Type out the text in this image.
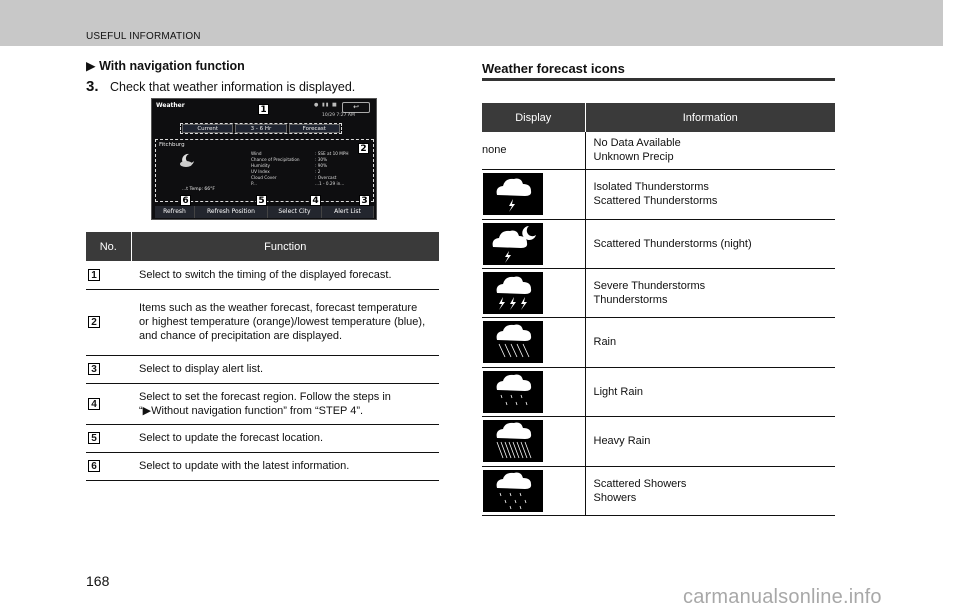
USEFUL INFORMATION
▶ With navigation function
3. Check that weather information is displayed.
Weather	● ▮▮ ■	↩
10/29 7:27 AM
Current	3 - 6 Hr	Forecast
Fitchburg
Wind	: SSE at 10 MPH
Chance of Precipitation	: 30%
Humidity	: 90%
UV Index	: 2
Cloud Cover	: Overcast
P...	...1 - 0.29 in...
...t Temp: 66°F
Refresh	Refresh Position	Select City	Alert List
1
2
3
4
5
6
No.	Function
1	Select to switch the timing of the displayed forecast.
2	Items such as the weather forecast, forecast temperature or highest temperature (orange)/lowest temperature (blue), and chance of precipitation are displayed.
3	Select to display alert list.
4	Select to set the forecast region. Follow the steps in “▶Without navigation function” from “STEP 4”.
5	Select to update the forecast location.
6	Select to update with the latest information.
Weather forecast icons
Display	Information
none	No Data Available
Unknown Precip

	Isolated Thunderstorms
Scattered Thunderstorms

	Scattered Thunderstorms (night)

	Severe Thunderstorms
Thunderstorms

	Rain

	Light Rain

	Heavy Rain

	Scattered Showers
Showers
168
carmanualsonline.info
